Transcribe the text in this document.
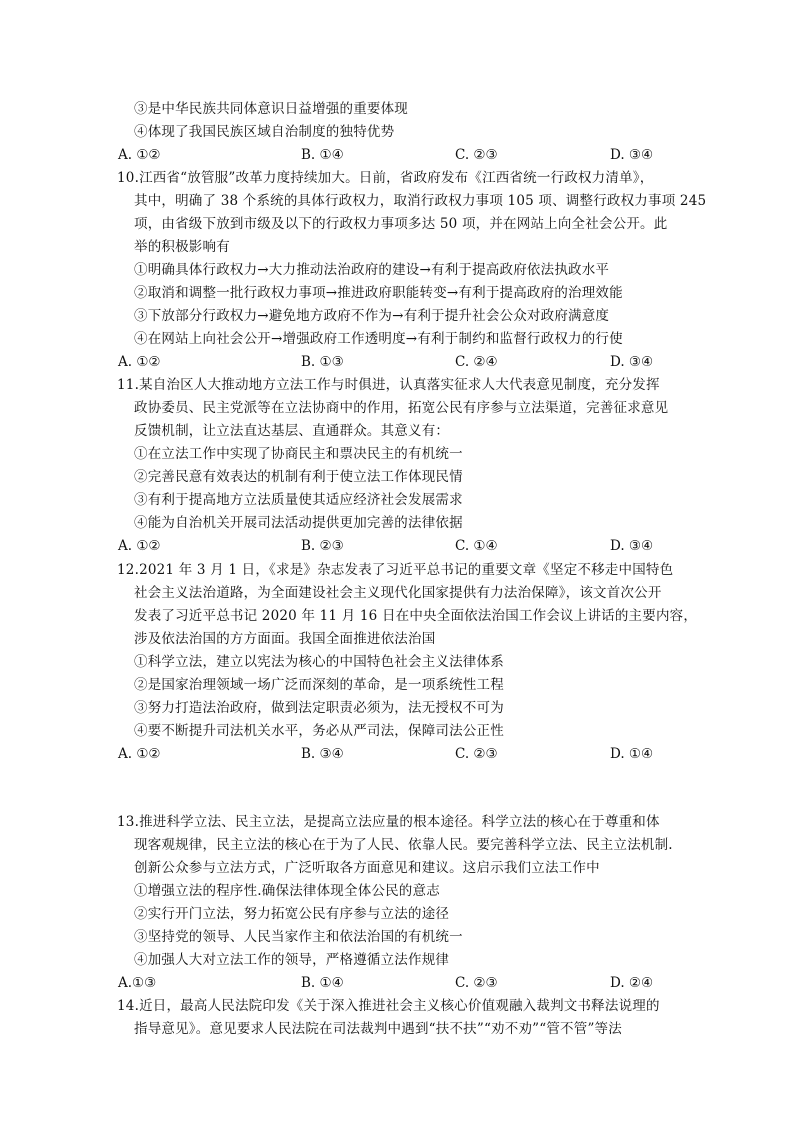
③是中华民族共同体意识日益增强的重要体现
④体现了我国民族区域自治制度的独特优势
A. ①②	B. ①④	C. ②③	D. ③④
10.江西省“放管服”改革力度持续加大。日前，省政府发布《江西省统一行政权力清单》，
其中，明确了 38 个系统的具体行政权力，取消行政权力事项 105 项、调整行政权力事项 245
项，由省级下放到市级及以下的行政权力事项多达 50 项，并在网站上向全社会公开。此
举的积极影响有
①明确具体行政权力→大力推动法治政府的建设→有利于提高政府依法执政水平
②取消和调整一批行政权力事项→推进政府职能转变→有利于提高政府的治理效能
③下放部分行政权力→避免地方政府不作为→有利于提升社会公众对政府满意度
④在网站上向社会公开→增强政府工作透明度→有利于制约和监督行政权力的行使
A. ①②	B. ①③	C. ②④	D. ③④
11.某自治区人大推动地方立法工作与时俱进，认真落实征求人大代表意见制度，充分发挥
政协委员、民主党派等在立法协商中的作用，拓宽公民有序参与立法渠道，完善征求意见
反馈机制，让立法直达基层、直通群众。其意义有：
①在立法工作中实现了协商民主和票决民主的有机统一
②完善民意有效表达的机制有利于使立法工作体现民情
③有利于提高地方立法质量使其适应经济社会发展需求
④能为自治机关开展司法活动提供更加完善的法律依据
A. ①②	B. ②③	C. ①④	D. ③④
12.2021 年 3 月 1 日，《求是》杂志发表了习近平总书记的重要文章《坚定不移走中国特色
社会主义法治道路，为全面建设社会主义现代化国家提供有力法治保障》，该文首次公开
发表了习近平总书记 2020 年 11 月 16 日在中央全面依法治国工作会议上讲话的主要内容，
涉及依法治国的方方面面。我国全面推进依法治国
①科学立法，建立以宪法为核心的中国特色社会主义法律体系
②是国家治理领域一场广泛而深刻的革命，是一项系统性工程
③努力打造法治政府，做到法定职责必须为，法无授权不可为
④要不断提升司法机关水平，务必从严司法，保障司法公正性
A. ①②	B. ③④	C. ②③	D. ①④
13.推进科学立法、民主立法，是提高立法应量的根本途径。科学立法的核心在于尊重和体
现客观规律，民主立法的核心在于为了人民、依靠人民。要完善科学立法、民主立法机制.
创新公众参与立法方式，广泛听取各方面意见和建议。这启示我们立法工作中
①增强立法的程序性.确保法律体现全体公民的意志
②实行开门立法，努力拓宽公民有序参与立法的途径
③坚持党的领导、人民当家作主和依法治国的有机统一
④加强人大对立法工作的领导，严格遵循立法作规律
A.①③	B. ①④	C. ②③	D. ②④
14.近日，最高人民法院印发《关于深入推进社会主义核心价值观融入裁判文书释法说理的
指导意见》。意见要求人民法院在司法裁判中遇到“扶不扶”“劝不劝”“管不管”等法
